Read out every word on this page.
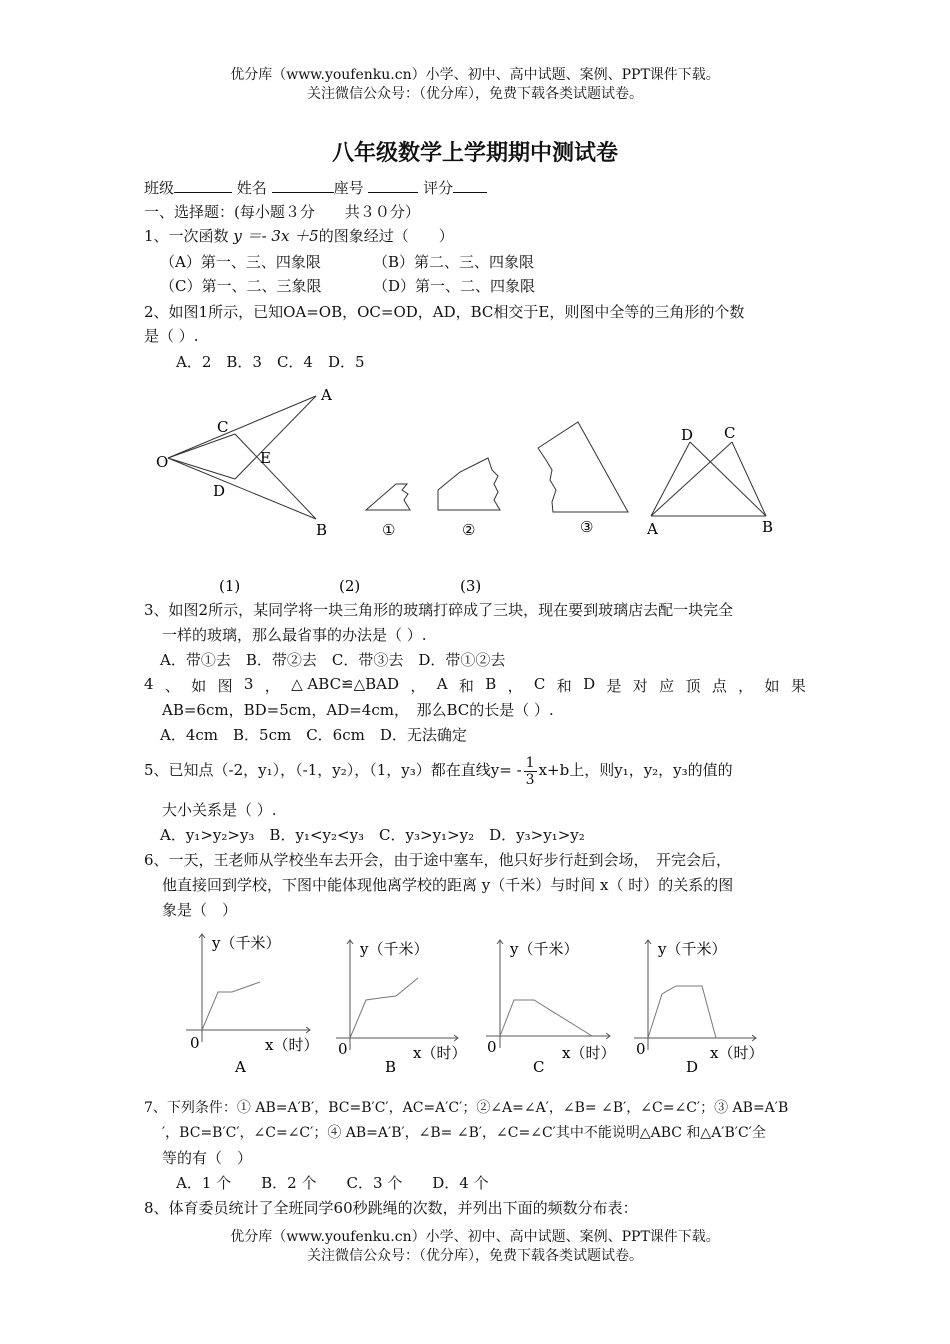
优分库（www.youfenku.cn）小学、初中、高中试题、案例、PPT课件下载。
关注微信公众号：（优分库），免费下载各类试题试卷。
八年级数学上学期期中测试卷
班级	姓名	座号	评分
一、选择题：(每小题３分　　共３０分）
1、一次函数 y ＝- 3x ＋5的图象经过（　　）
（A）第一、三、四象限	（B）第二、三、四象限
（C）第一、二、三象限	（D）第一、二、四象限
2、如图1所示，已知OA=OB，OC=OD，AD，BC相交于E，则图中全等的三角形的个数
是（ ）.
A．2　B．3　C．4　D．5
O
A
B
C
D
E
①	②	③	A	B
C
D
(1)	(2)	(3)
3、如图2所示，某同学将一块三角形的玻璃打碎成了三块，现在要到玻璃店去配一块完全
一样的玻璃，那么最省事的办法是（ ）.
A．带①去　B．带②去　C．带③去　D．带①②去
4 、 如 图 3 ， △ ABC≌△BAD ， A 和 B ， C 和 D 是 对 应 顶 点 ， 如 果
AB=6cm，BD=5cm，AD=4cm，　那么BC的长是（ ）.
A．4cm　B．5cm　C．6cm　D．无法确定
5、已知点（-2，y₁），（-1，y₂），（1，y₃）都在直线$y= - \frac{1}{3} x+b$上，则y₁，y₂，y₃的值的
大小关系是（ ）.
A．y₁>y₂>y₃　B．y₁<y₂<y₃　C．y₃>y₁>y₂　D．y₃>y₁>y₂
6、一天，王老师从学校坐车去开会，由于途中塞车，他只好步行赶到会场，　开完会后，
他直接回到学校，下图中能体现他离学校的距离 y（千米）与时间 x（ 时）的关系的图
象是（　）
y（千米）
0	x（时）
A
y（千米）
0	x（时）
B
y（千米）
0	x（时）
C
y（千米）
0	x（时）
D
7、下列条件：① AB=A′B′，BC=B′C′，AC=A′C′；②∠A=∠A′，∠B= ∠B′，∠C=∠C′；③ AB=A′B
′，BC=B′C′，∠C=∠C′；④ AB=A′B′，∠B= ∠B′，∠C=∠C′其中不能说明△ABC 和△A′B′C′全
等的有（　）
A．1 个　　B．2 个　　C．3 个　　D．4 个
8、体育委员统计了全班同学60秒跳绳的次数，并列出下面的频数分布表：
优分库（www.youfenku.cn）小学、初中、高中试题、案例、PPT课件下载。
关注微信公众号：（优分库），免费下载各类试题试卷。
